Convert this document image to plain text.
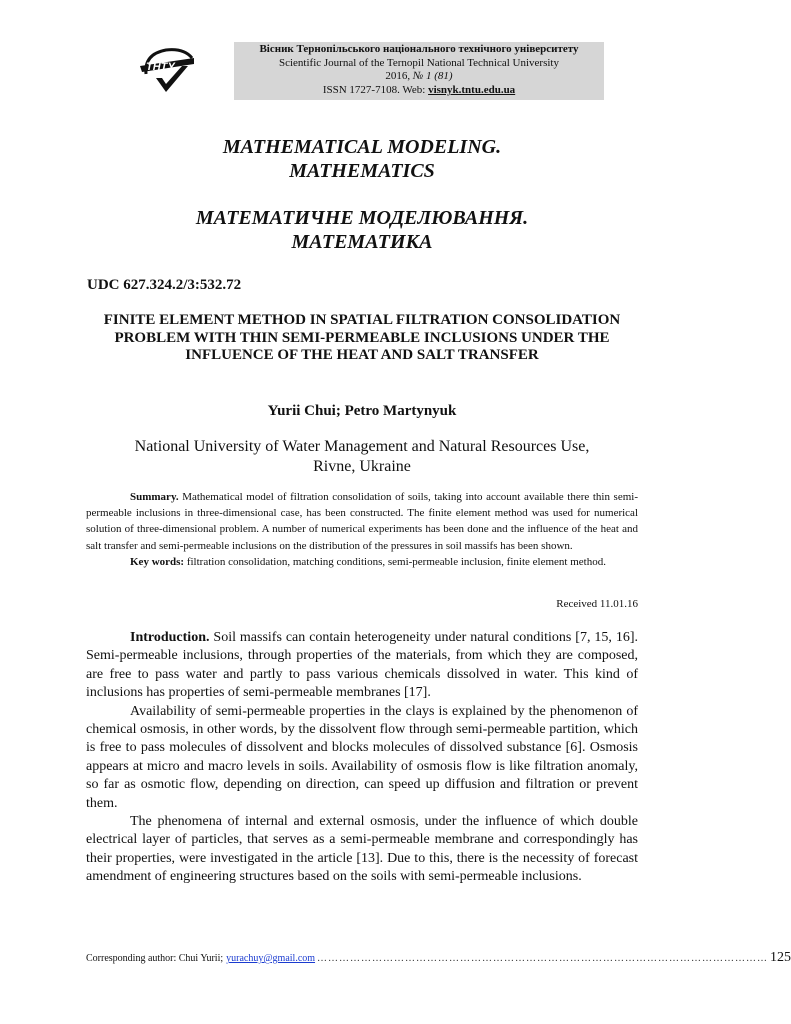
ТНТУ
Вісник Тернопільського національного технічного університету
Scientific Journal of the Ternopil National Technical University
2016, № 1 (81)
ISSN 1727-7108. Web: visnyk.tntu.edu.ua
MATHEMATICAL MODELING.
MATHEMATICS
МАТЕМАТИЧНЕ МОДЕЛЮВАННЯ.
МАТЕМАТИКА
UDC 627.324.2/3:532.72
FINITE ELEMENT METHOD IN SPATIAL FILTRATION CONSOLIDATION PROBLEM WITH THIN SEMI-PERMEABLE INCLUSIONS UNDER THE INFLUENCE OF THE HEAT AND SALT TRANSFER
Yurii Chui; Petro Martynyuk
National University of Water Management and Natural Resources Use,
Rivne, Ukraine

Summary. Mathematical model of filtration consolidation of soils, taking into account available there thin semi-permeable inclusions in three-dimensional case, has been constructed. The finite element method was used for numerical solution of three-dimensional problem. A number of numerical experiments has been done and the influence of the heat and salt transfer and semi-permeable inclusions on the distribution of the pressures in soil massifs has been shown.

Key words: filtration consolidation, matching conditions, semi-permeable inclusion, finite element method.

Received 11.01.16

Introduction. Soil massifs can contain heterogeneity under natural conditions [7, 15, 16]. Semi-permeable inclusions, through properties of the materials, from which they are composed, are free to pass water and partly to pass various chemicals dissolved in water. This kind of inclusions has properties of semi-permeable membranes [17].

Availability of semi-permeable properties in the clays is explained by the phenomenon of chemical osmosis, in other words, by the dissolvent flow through semi-permeable partition, which is free to pass molecules of dissolvent and blocks molecules of dissolved substance [6]. Osmosis appears at micro and macro levels in soils. Availability of osmosis flow is like filtration anomaly, so far as osmotic flow, depending on direction, can speed up diffusion and filtration or prevent them.

The phenomena of internal and external osmosis, under the influence of which double electrical layer of particles, that serves as a semi-permeable membrane and correspondingly has their properties, were investigated in the article [13]. Due to this, there is the necessity of forecast amendment of engineering structures based on the soils with semi-permeable inclusions.

Corresponding author: Chui Yurii; yurachuy@gmail.com …………………………………………………………………………………………………………… 125
